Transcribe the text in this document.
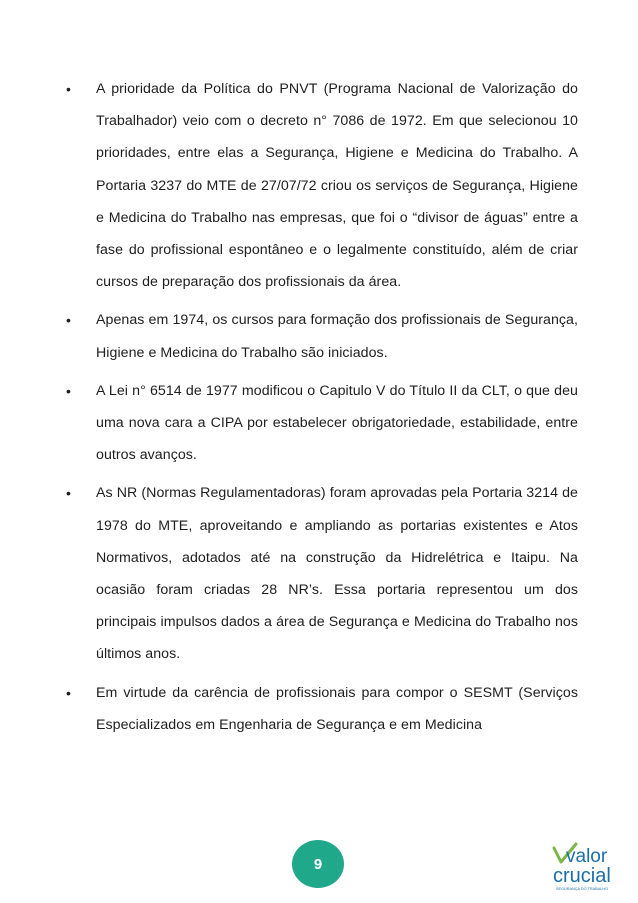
• A prioridade da Política do PNVT (Programa Nacional de Valorização do Trabalhador) veio com o decreto n° 7086 de 1972. Em que selecionou 10 prioridades, entre elas a Segurança, Higiene e Medicina do Trabalho. A Portaria 3237 do MTE de 27/07/72 criou os serviços de Segurança, Higiene e Medicina do Trabalho nas empresas, que foi o “divisor de águas” entre a fase do profissional espontâneo e o legalmente constituído, além de criar cursos de preparação dos profissionais da área.
• Apenas em 1974, os cursos para formação dos profissionais de Segurança, Higiene e Medicina do Trabalho são iniciados.
• A Lei n° 6514 de 1977 modificou o Capitulo V do Título II da CLT, o que deu uma nova cara a CIPA por estabelecer obrigatoriedade, estabilidade, entre outros avanços.
• As NR (Normas Regulamentadoras) foram aprovadas pela Portaria 3214 de 1978 do MTE, aproveitando e ampliando as portarias existentes e Atos Normativos, adotados até na construção da Hidrelétrica e Itaipu. Na ocasião foram criadas 28 NR’s. Essa portaria representou um dos principais impulsos dados a área de Segurança e Medicina do Trabalho nos últimos anos.
• Em virtude da carência de profissionais para compor o SESMT (Serviços Especializados em Engenharia de Segurança e em Medicina
9	valor
crucial
SEGURANÇA DO TRABALHO
